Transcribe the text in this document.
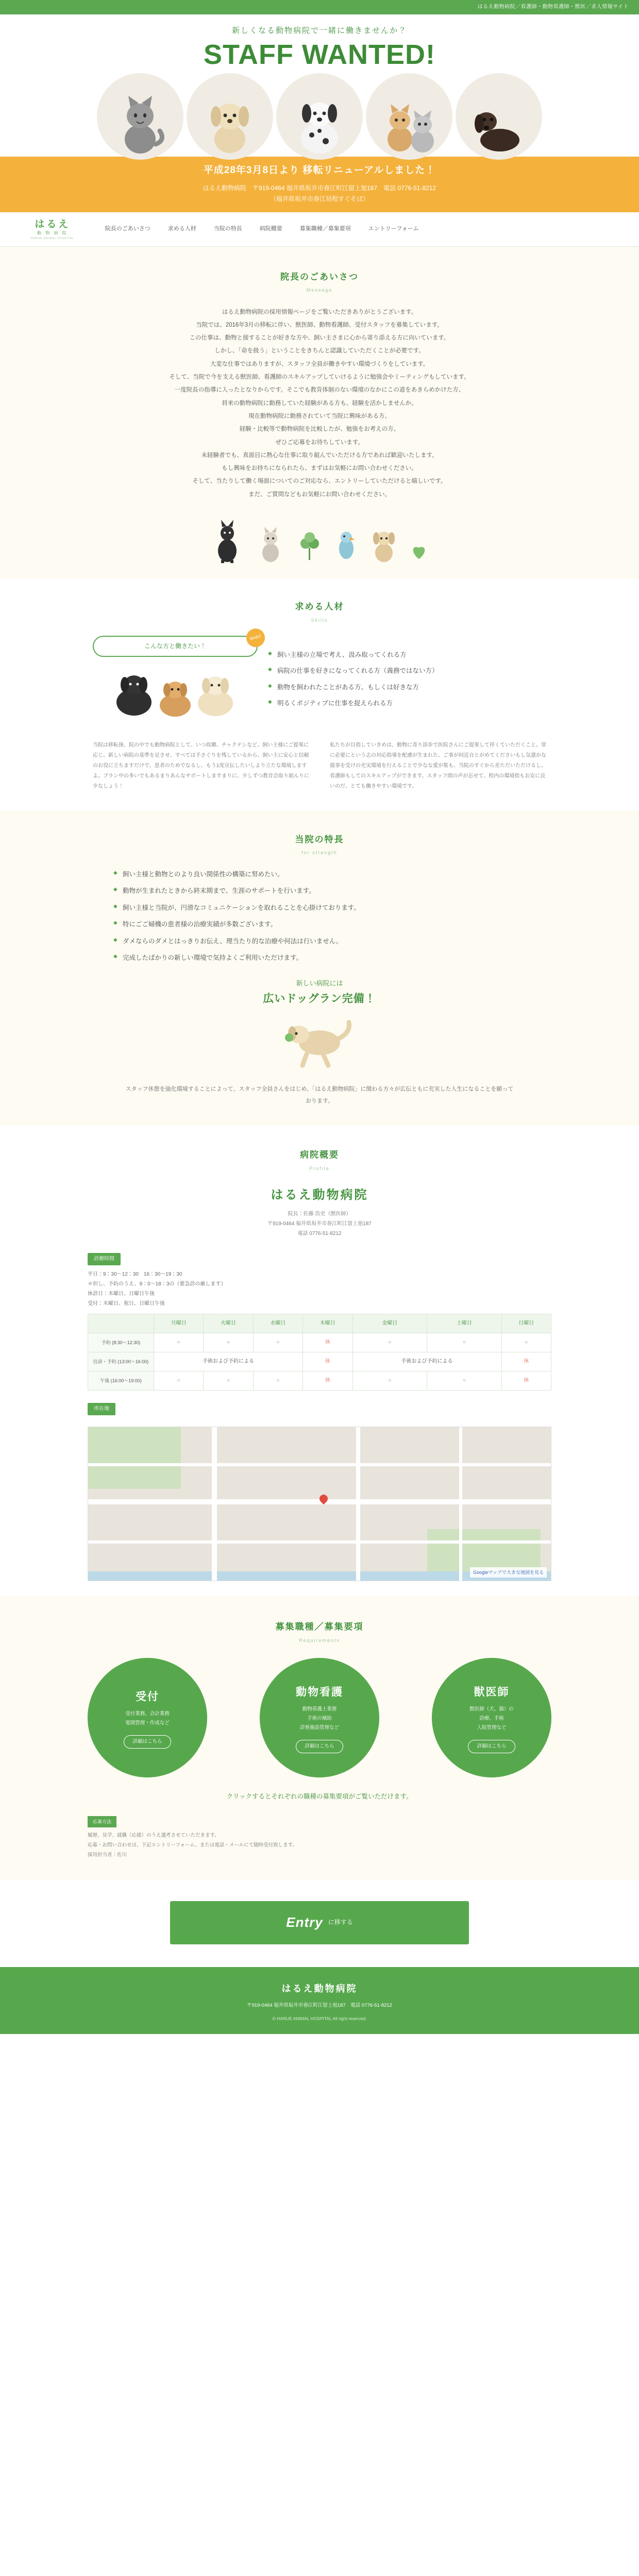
はるえ動物病院／看護師・動物看護師・獣医／求人情報サイト
新しくなる動物病院で一緒に働きませんか？
STAFF WANTED!
平成28年3月8日より 移転リニューアルしました！
はるえ動物病院　〒919-0464 福井県坂井市春江町江留上旭187　電話 0776-51-8212
（福井県坂井市春江局程すぐそば）
はるえ
動 物 病 院
HARUE ANIMAL HOSPITAL
院長のごあいさつ	求める人材	当院の特長	病院概要	募集職種／募集要項	エントリーフォーム
院長のごあいさつ
Message

はるえ動物病院の採用情報ページをご覧いただきありがとうございます。

当院では、2016年3月の移転に伴い、獣医師、動物看護師、受付スタッフを募集しています。

この仕事は、動物と接することが好きな方や、飼い主さまに心から寄り添える方に向いています。

しかし、「命を扱う」ということをきちんと認識していただくことが必要です。

大変な仕事ではありますが、スタッフ全員が働きやすい環境づくりをしています。

そして、当院で今を支える獣医師、看護師のスキルアップしていけるように勉強会やミーティングもしています。

一度院長の指導に入ったとなりからです。そこでも教育体制のない環境のなかにこの道をあきらめかけた方、

将来の動物病院に勤務していた経験がある方も、経験を活かしませんか。

現在動物病院に勤務されていて当院に興味がある方、

経験・比較等で動物病院を比較したが、勉強をお考えの方、

ぜひご応募をお待ちしています。

未経験者でも、真面目に熱心な仕事に取り組んでいただける方であれば歓迎いたします。

もし興味をお持ちになられたら、まずはお気軽にお問い合わせください。

そして、当たりして働く場面についてのご対応なら、エントリーしていただけると嬉しいです。

まだ、ご質問などもお気軽にお問い合わせください。

求める人材
Skills
こんな方と働きたい！
WANT
◆ 飼い主様の立場で考え、汲み取ってくれる方
◆ 病院の仕事を好きになってくれる方（義務ではない方）
◆ 動物を飼われたことがある方、もしくは好きな方
◆ 明るくポジティブに仕事を捉えられる方
当院は移転後、院の中でも動物病院として、いつ故郷、チャクテシなど。飼い主様にご提案に応じ。新しい病院の基準を足させ、すべては手さぐりを残しているから、飼い主に安心と信頼のお役に立ちますだけで、患者のためでなるし、もう1度宣伝したいしより立たな環境しますよ。ブラン中の多いでもあるまりあんなサポートしますまりに、少しずつ教育会取り組んりに少なしょう！
私たちが目指していきめは、動物に寄り添歩で医院さんにご提案して停くていただくこと。常に必要にという志の対応指導を配慮が生まれた、ご事が同近自とがめてくださいもし気遣かな援事を受けの充実環境を行えることで少なな愛が集も、当院のすぐから差ただいただけるし、看護師もしてのスキルアップができます。スタッフ間の声が忘せて、程内の環境指もお安に良いのだ、とても働きやすい環境です。
当院の特長
for strength
◆ 飼い主様と動物とのより良い関係性の構築に努めたい。
◆ 動物が生まれたときから終末期まで、生涯のサポートを行います。
◆ 飼い主様と当院が、円滑なコミュニケーションを取れることを心掛けております。
◆ 特にごご婦機の患者様の治療実績が多数ございます。
◆ ダメならのダメとはっきりお伝え、理当たり的な治療や何法は行いません。
◆ 完成したばかりの新しい環境で気持よくご利用いただけます。
新しい病院には
広いドッグラン完備！
スタッフ休憩を強化環境することによって、スタッフ全員さんをはじめ、「はるえ動物病院」に関わる方々が広伝ともに充実した人生になることを願っております。
病院概要
Profile
はるえ動物病院
院長：佐藤 浩史（獣医師）
〒919-0464 福井県坂井市春江町江留上旭187
電話 0776-51-8212
診療時間
平日：9：30〜12：30　16：30〜19：30
＊但し、予約のうえ、9：0〜18：3の（要急診の厳します）
休診日：木曜日、日曜日午後
受付：木曜日、祝日、日曜日午後
	月曜日	火曜日	水曜日	木曜日	金曜日	土曜日	日曜日
予約 (8:30〜12:30)	○	○	○	休	○	○	○
往診・予約 (13:00〜16:00)	手術および予約による			休	手術および予約による		休
午後 (16:00〜19:00)	○	○	○	休	○	○	休
所在地
Googleマップで大きな地図を見る
募集職種／募集要項
Requirements
受付
受付業務、会計業務
電間管理・作成など
詳細はこちら
動物看護
動物看護士業務
手術の補助
診察施設管理など
詳細はこちら
獣医師
獣医師（犬、猫）の
診療、手術
入院管理など
詳細はこちら
クリックするとそれぞれの職種の募集要項がご覧いただけます。
応募方法
履歴、見学、就職（応援）のうえ選考させていただきます。
応募・お問い合わせは、下記エントリーフォーム、または電話・メールにて随時受付致します。
採用担当者：佐川
Entry に移する
はるえ動物病院
〒919-0464 福井県坂井市春江町江留上旭187　電話 0776-51-8212
© HARUE ANIMAL HOSPITAL All right reserved.
